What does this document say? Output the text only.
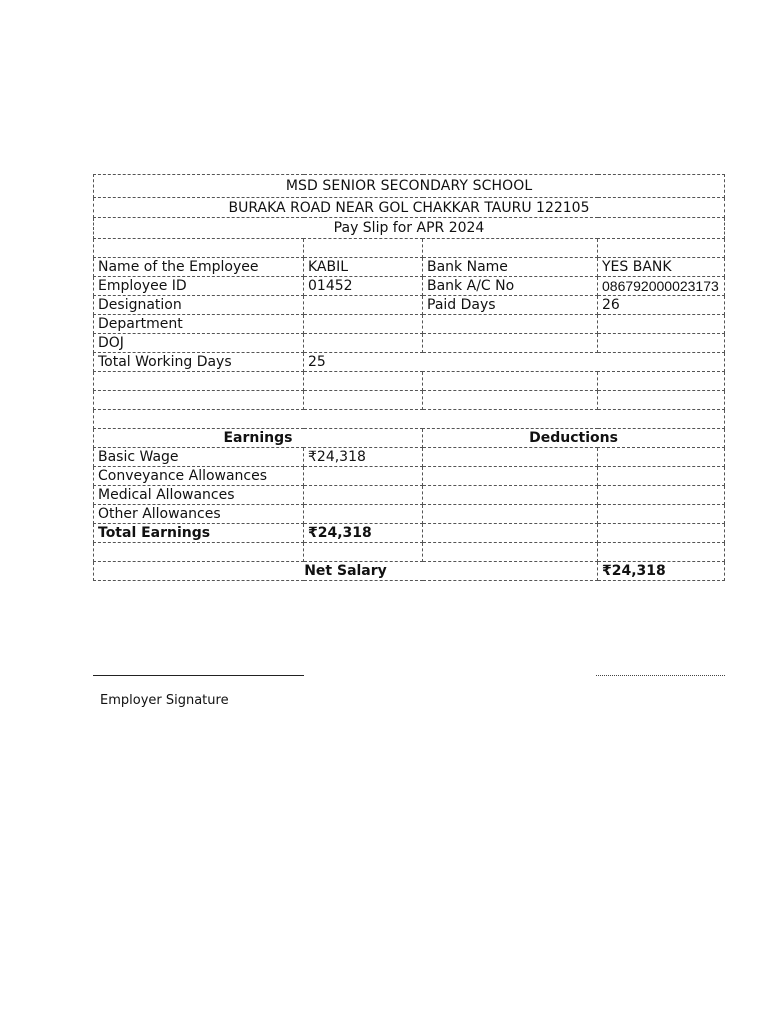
MSD SENIOR SECONDARY SCHOOL			
BURAKA ROAD NEAR GOL CHAKKAR TAURU 122105			
Pay Slip for APR 2024			

Name of the Employee	KABIL	Bank Name	YES BANK
Employee ID	01452	Bank A/C No	086792000023173
Designation		Paid Days	26
Department			
DOJ			
Total Working Days	25		

Earnings		Deductions	
Basic Wage	₹24,318		
Conveyance Allowances			
Medical Allowances			
Other Allowances			
Total Earnings	₹24,318		

Net Salary			₹24,318
Employer Signature
